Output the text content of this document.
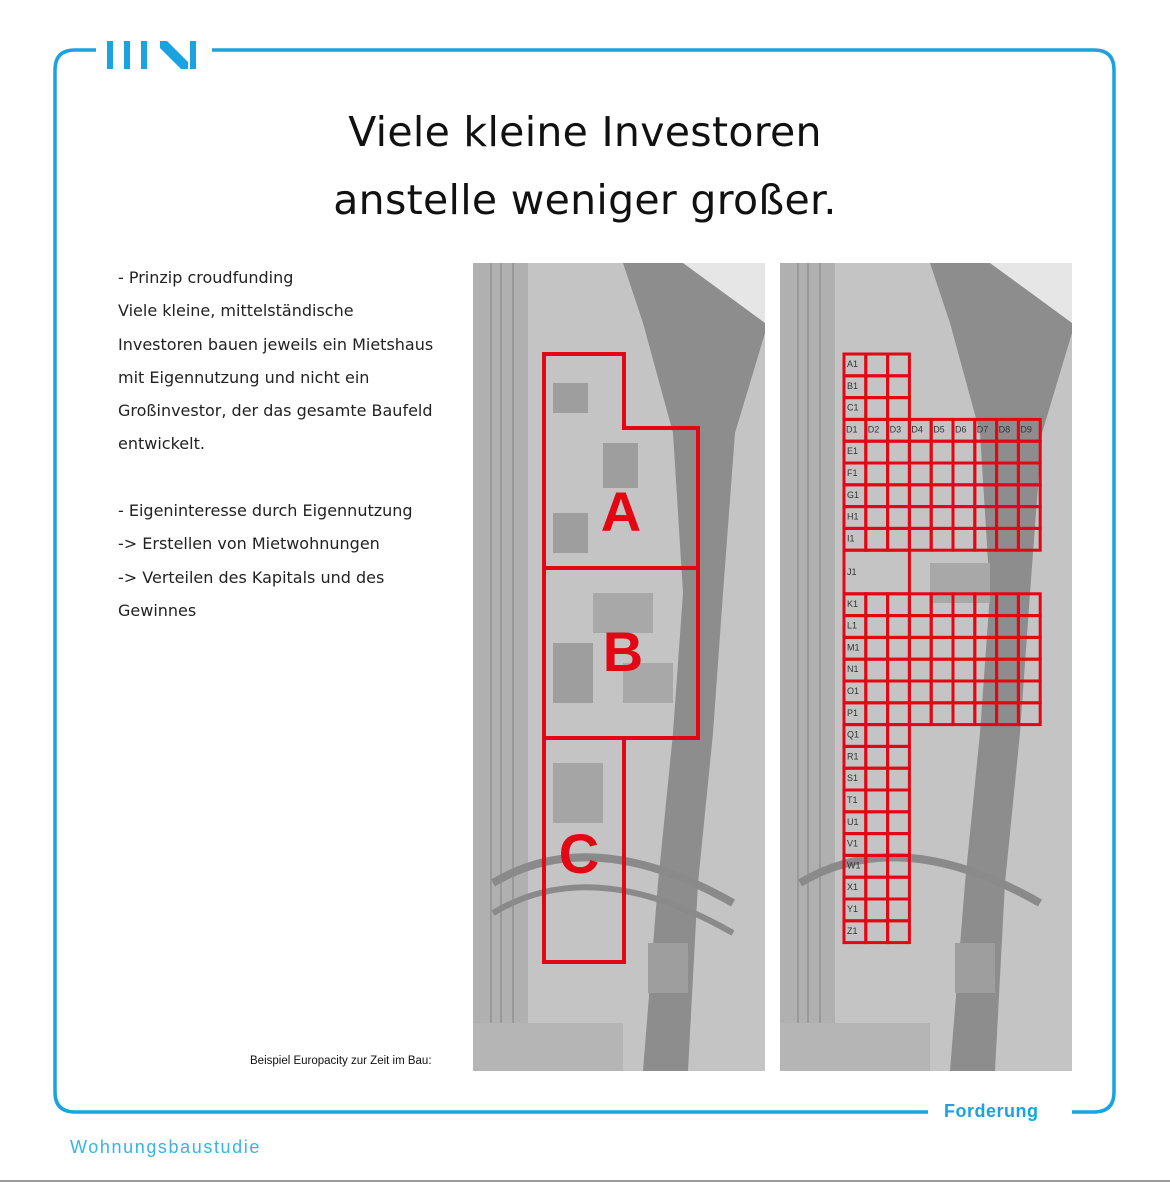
Viele kleine Investoren
anstelle weniger großer.
- Prinzip croudfunding
Viele kleine, mittelständische
Investoren bauen jeweils ein Mietshaus
mit Eigennutzung und nicht ein
Großinvestor, der das gesamte Baufeld
entwickelt.
- Eigeninteresse durch Eigennutzung
-> Erstellen von Mietwohnungen
-> Verteilen des Kapitals und des
Gewinnes
A
B
C
A1
B1
C1
D1 D2 D3 D4 D5 D6 D7 D8 D9
E1
F1
G1
H1
I1
J1
K1
L1
M1
N1
O1
P1
Q1
R1
S1
T1
U1
V1
W1
X1
Y1
Z1
Beispiel Europacity zur Zeit im Bau:
Forderung
Wohnungsbaustudie
